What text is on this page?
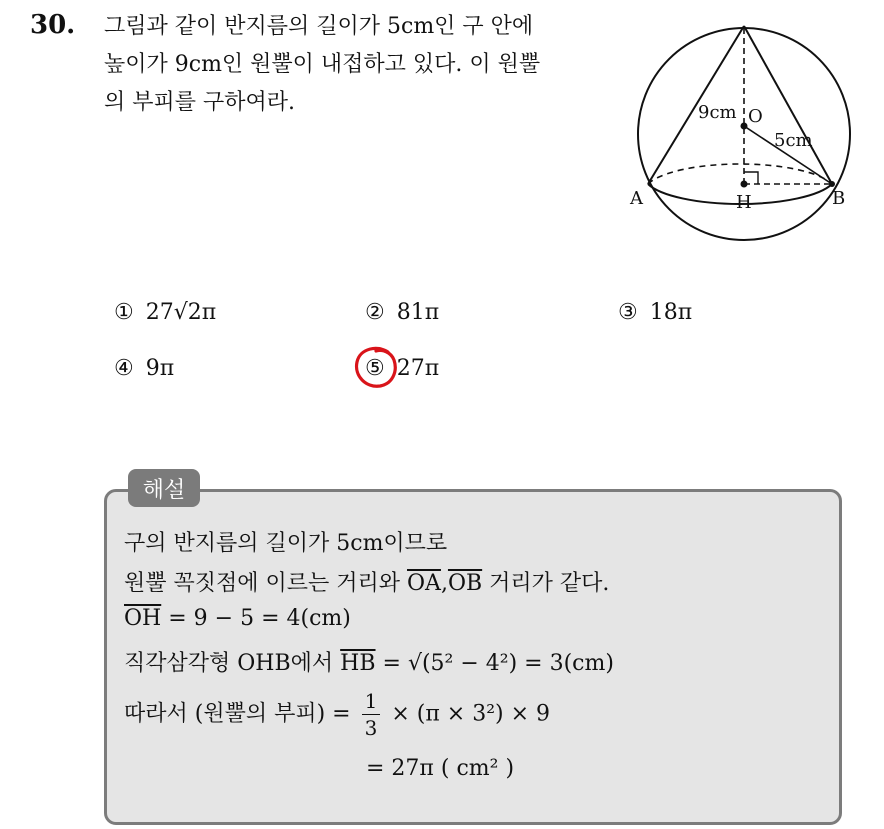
30. 그림과 같이 반지름의 길이가 5cm인 구 안에
높이가 9cm인 원뿔이 내접하고 있다. 이 원뿔
의 부피를 구하여라.	9cm O
5cm
A	H	B
① 27√2π	② 81π	③ 18π
④ 9π	⑤ 27π
해설
구의 반지름의 길이가 5cm이므로
원뿔 꼭짓점에 이르는 거리와 $\overline{OA},\overline{OB}$ 거리가 같다.
$\overline{OH} = 9 - 5 = 4(cm)$
직각삼각형 OHB에서 $\overline{HB} = √(5^2 - 4^2) = 3(cm)$
따라서 (원뿔의 부피) = $\frac{1}{3} \times (\pi \times 3^2) \times 9$
= 27π ( cm² )
